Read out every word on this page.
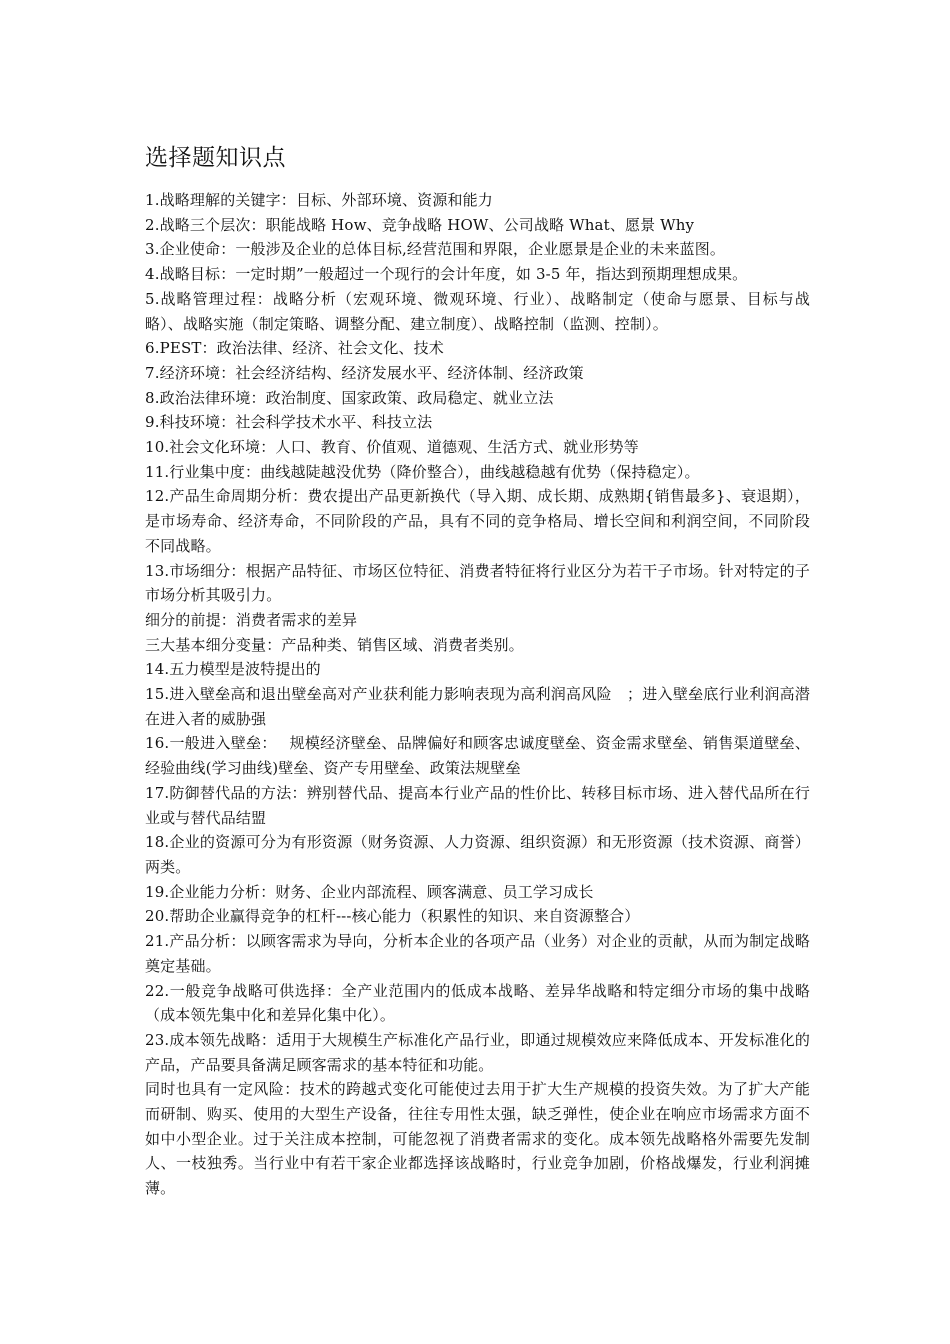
选择题知识点

1.战略理解的关键字：目标、外部环境、资源和能力

2.战略三个层次：职能战略 How、竞争战略 HOW、公司战略 What、愿景 Why

3.企业使命：一般涉及企业的总体目标,经营范围和界限，企业愿景是企业的未来蓝图。

4.战略目标：一定时期”一般超过一个现行的会计年度，如 3-5 年，指达到预期理想成果。

5.战略管理过程：战略分析（宏观环境、微观环境、行业）、战略制定（使命与愿景、目标与战略）、战略实施（制定策略、调整分配、建立制度）、战略控制（监测、控制）。

6.PEST：政治法律、经济、社会文化、技术

7.经济环境：社会经济结构、经济发展水平、经济体制、经济政策

8.政治法律环境：政治制度、国家政策、政局稳定、就业立法

9.科技环境：社会科学技术水平、科技立法

10.社会文化环境：人口、教育、价值观、道德观、生活方式、就业形势等

11.行业集中度：曲线越陡越没优势（降价整合），曲线越稳越有优势（保持稳定）。

12.产品生命周期分析：费农提出产品更新换代（导入期、成长期、成熟期{销售最多}、衰退期），是市场寿命、经济寿命，不同阶段的产品，具有不同的竞争格局、增长空间和利润空间，不同阶段不同战略。

13.市场细分：根据产品特征、市场区位特征、消费者特征将行业区分为若干子市场。针对特定的子市场分析其吸引力。

细分的前提：消费者需求的差异

三大基本细分变量：产品种类、销售区域、消费者类别。

14.五力模型是波特提出的

15.进入壁垒高和退出壁垒高对产业获利能力影响表现为高利润高风险　；进入壁垒底行业利润高潜在进入者的威胁强

16.一般进入壁垒：　 规模经济壁垒、品牌偏好和顾客忠诚度壁垒、资金需求壁垒、销售渠道壁垒、经验曲线(学习曲线)壁垒、资产专用壁垒、政策法规壁垒

17.防御替代品的方法：辨别替代品、提高本行业产品的性价比、转移目标市场、进入替代品所在行业或与替代品结盟

18.企业的资源可分为有形资源（财务资源、人力资源、组织资源）和无形资源（技术资源、商誉）两类。

19.企业能力分析：财务、企业内部流程、顾客满意、员工学习成长

20.帮助企业赢得竞争的杠杆---核心能力（积累性的知识、来自资源整合）

21.产品分析：以顾客需求为导向，分析本企业的各项产品（业务）对企业的贡献，从而为制定战略奠定基础。

22.一般竞争战略可供选择：全产业范围内的低成本战略、差异华战略和特定细分市场的集中战略（成本领先集中化和差异化集中化）。

23.成本领先战略：适用于大规模生产标准化产品行业，即通过规模效应来降低成本、开发标准化的产品，产品要具备满足顾客需求的基本特征和功能。

同时也具有一定风险：技术的跨越式变化可能使过去用于扩大生产规模的投资失效。为了扩大产能而研制、购买、使用的大型生产设备，往往专用性太强，缺乏弹性，使企业在响应市场需求方面不如中小型企业。过于关注成本控制，可能忽视了消费者需求的变化。成本领先战略格外需要先发制人、一枝独秀。当行业中有若干家企业都选择该战略时，行业竞争加剧，价格战爆发，行业利润摊薄。
